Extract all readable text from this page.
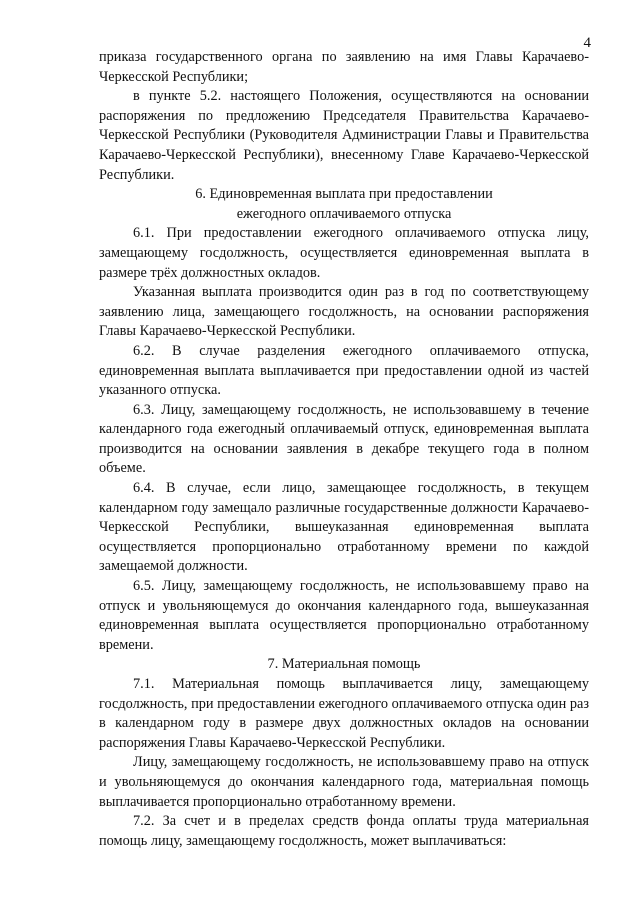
4

приказа государственного органа по заявлению на имя Главы Карачаево-Черкесской Республики;

в пункте 5.2. настоящего Положения, осуществляются на основании распоряжения по предложению Председателя Правительства Карачаево-Черкесской Республики (Руководителя Администрации Главы и Правительства Карачаево-Черкесской Республики), внесенному Главе Карачаево-Черкесской Республики.

6. Единовременная выплата при предоставлении
ежегодного оплачиваемого отпуска

6.1. При предоставлении ежегодного оплачиваемого отпуска лицу, замещающему госдолжность, осуществляется единовременная выплата в размере трёх должностных окладов.

Указанная выплата производится один раз в год по соответствующему заявлению лица, замещающего госдолжность, на основании распоряжения Главы Карачаево-Черкесской Республики.

6.2. В случае разделения ежегодного оплачиваемого отпуска, единовременная выплата выплачивается при предоставлении одной из частей указанного отпуска.

6.3. Лицу, замещающему госдолжность, не использовавшему в течение календарного года ежегодный оплачиваемый отпуск, единовременная выплата производится на основании заявления в декабре текущего года в полном объеме.

6.4. В случае, если лицо, замещающее госдолжность, в текущем календарном году замещало различные государственные должности Карачаево-Черкесской Республики, вышеуказанная единовременная выплата осуществляется пропорционально отработанному времени по каждой замещаемой должности.

6.5. Лицу, замещающему госдолжность, не использовавшему право на отпуск и увольняющемуся до окончания календарного года, вышеуказанная единовременная выплата осуществляется пропорционально отработанному времени.

7. Материальная помощь

7.1. Материальная помощь выплачивается лицу, замещающему госдолжность, при предоставлении ежегодного оплачиваемого отпуска один раз в календарном году в размере двух должностных окладов на основании распоряжения Главы Карачаево-Черкесской Республики.

Лицу, замещающему госдолжность, не использовавшему право на отпуск и увольняющемуся до окончания календарного года, материальная помощь выплачивается пропорционально отработанному времени.

7.2. За счет и в пределах средств фонда оплаты труда материальная помощь лицу, замещающему госдолжность, может выплачиваться:
